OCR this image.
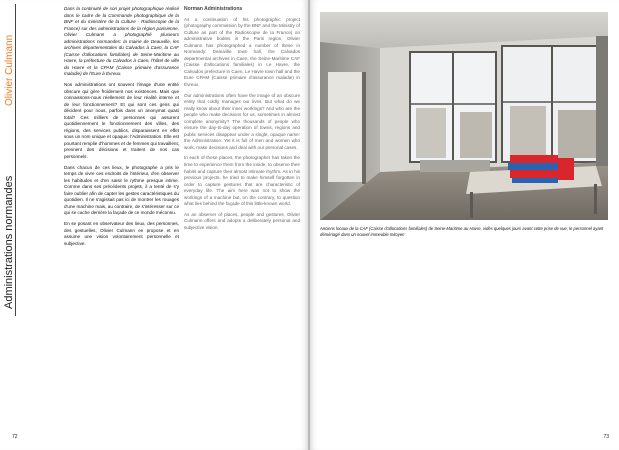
Olivier Culmann
Administrations normandes

Dans la continuité de son projet photographique réalisé dans le cadre de la Commande photographique de la BNF et du ministère de la Culture - Radioscopie de la France) sur des administrations de la région parisienne, Olivier Culmann a photographié plusieurs administrations normandes: la mairie de Deauville, les archives départementales du Calvados à Caen, la CAF (Caisse d'allocations familiales) de Seine-Maritime au Havre, la préfecture du Calvados à Caen, l'hôtel de ville du Havre et la CPAM (Caisse primaire d'assurance maladie) de l'Eure à Évreux.

Nos administrations ont souvent l'image d'une entité obscure qui gère froidement nos existences. Mais que connaissons-nous réellement de leur réalité interne et de leur fonctionnement? Et qui sont ces gens qui décident pour nous, parfois dans un anonymat quasi total? Ces milliers de personnes qui assurent quotidiennement le fonctionnement des villes, des régions, des services publics, disparaissent en effet sous un nom unique et opaque: l'Administration. Elle est pourtant remplie d'hommes et de femmes qui travaillent, prennent des décisions et traitent de nos cas personnels.

Dans chacun de ces lieux, le photographe a pris le temps de vivre ces endroits de l'intérieur, d'en observer les habitudes et d'en saisir le rythme presque intime. Comme dans ses précédents projets, il a tenté de s'y faire oublier afin de capter les gestes caractéristiques du quotidien. Il ne s'agissait pas ici de montrer les rouages d'une machine mais, au contraire, de s'intéresser sur ce qui se cache derrière la façade de ce monde méconnu.

En se posant en observateur des lieux, des personnes, des gestuelles, Olivier Culmann en propose et en assume une vision volontairement personnelle et subjective.

Norman Administrations

As a continuation of his photographic project (photography commission by the BNF and the Ministry of Culture as part of the Radioscopie de la France) on administrative bodies in the Paris region, Olivier Culmann has photographed a number of these in Normandy: Deauville town hall, the Calvados departmental archives in Caen, the Seine-Maritime CAF (Caisse d'allocations familiales) in Le Havre, the Calvados prefecture in Caen, Le Havre town hall and the Eure CPAM (Caisse primaire d'assurance maladie) in Évreux.

Our administrations often have the image of an obscure entity that coldly manages our lives. But what do we really know about their inner workings? And who are the people who make decisions for us, sometimes in almost complete anonymity? The thousands of people who ensure the day-to-day operation of towns, regions and public services disappear under a single, opaque name: the Administration. Yet it is full of men and women who work, make decisions and deal with our personal cases.

In each of these places, the photographer has taken the time to experience them from the inside, to observe their habits and capture their almost intimate rhythm. As in his previous projects, he tried to make himself forgotten in order to capture gestures that are characteristic of everyday life. The aim here was not to show the workings of a machine but, on the contrary, to question what lies behind the façade of this little-known world.

As an observer of places, people and gestures, Olivier Culmann offers and adopts a deliberately personal and subjective vision.

72	73
Anciens locaux de la CAF (Caisse d'allocations familiales) de Seine-Maritime au Havre, vidés quelques jours avant cette prise de vue, le personnel ayant déménagé dans un nouvel immeuble mitoyen
